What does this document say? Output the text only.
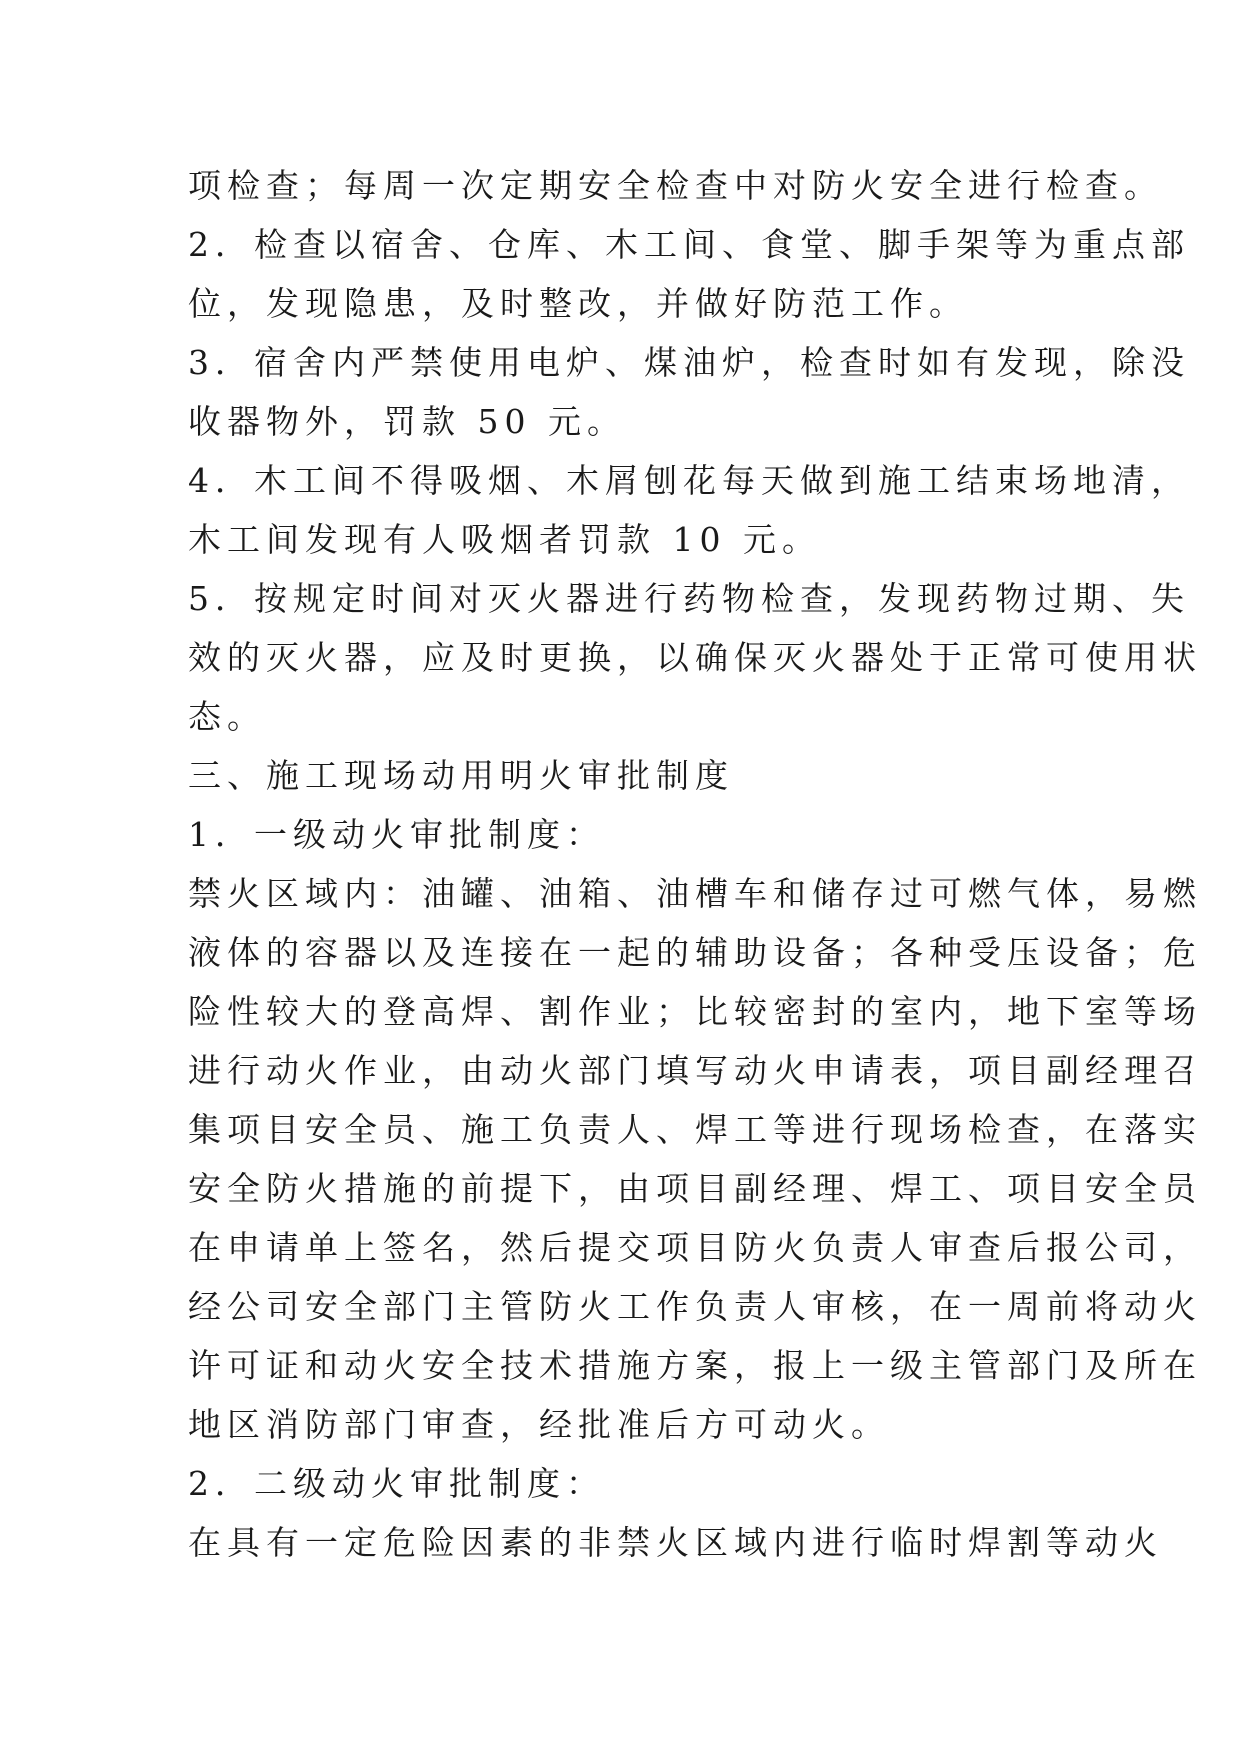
项检查；每周一次定期安全检查中对防火安全进行检查。
2．检查以宿舍、仓库、木工间、食堂、脚手架等为重点部
位，发现隐患，及时整改，并做好防范工作。
3．宿舍内严禁使用电炉、煤油炉，检查时如有发现，除没
收器物外，罚款 50 元。
4．木工间不得吸烟、木屑刨花每天做到施工结束场地清，
木工间发现有人吸烟者罚款 10 元。
5．按规定时间对灭火器进行药物检查，发现药物过期、失
效的灭火器，应及时更换，以确保灭火器处于正常可使用状
态。
三、施工现场动用明火审批制度
1．一级动火审批制度：
禁火区域内：油罐、油箱、油槽车和储存过可燃气体，易燃
液体的容器以及连接在一起的辅助设备；各种受压设备；危
险性较大的登高焊、割作业；比较密封的室内，地下室等场
进行动火作业，由动火部门填写动火申请表，项目副经理召
集项目安全员、施工负责人、焊工等进行现场检查，在落实
安全防火措施的前提下，由项目副经理、焊工、项目安全员
在申请单上签名，然后提交项目防火负责人审查后报公司，
经公司安全部门主管防火工作负责人审核，在一周前将动火
许可证和动火安全技术措施方案，报上一级主管部门及所在
地区消防部门审查，经批准后方可动火。
2．二级动火审批制度：
在具有一定危险因素的非禁火区域内进行临时焊割等动火
